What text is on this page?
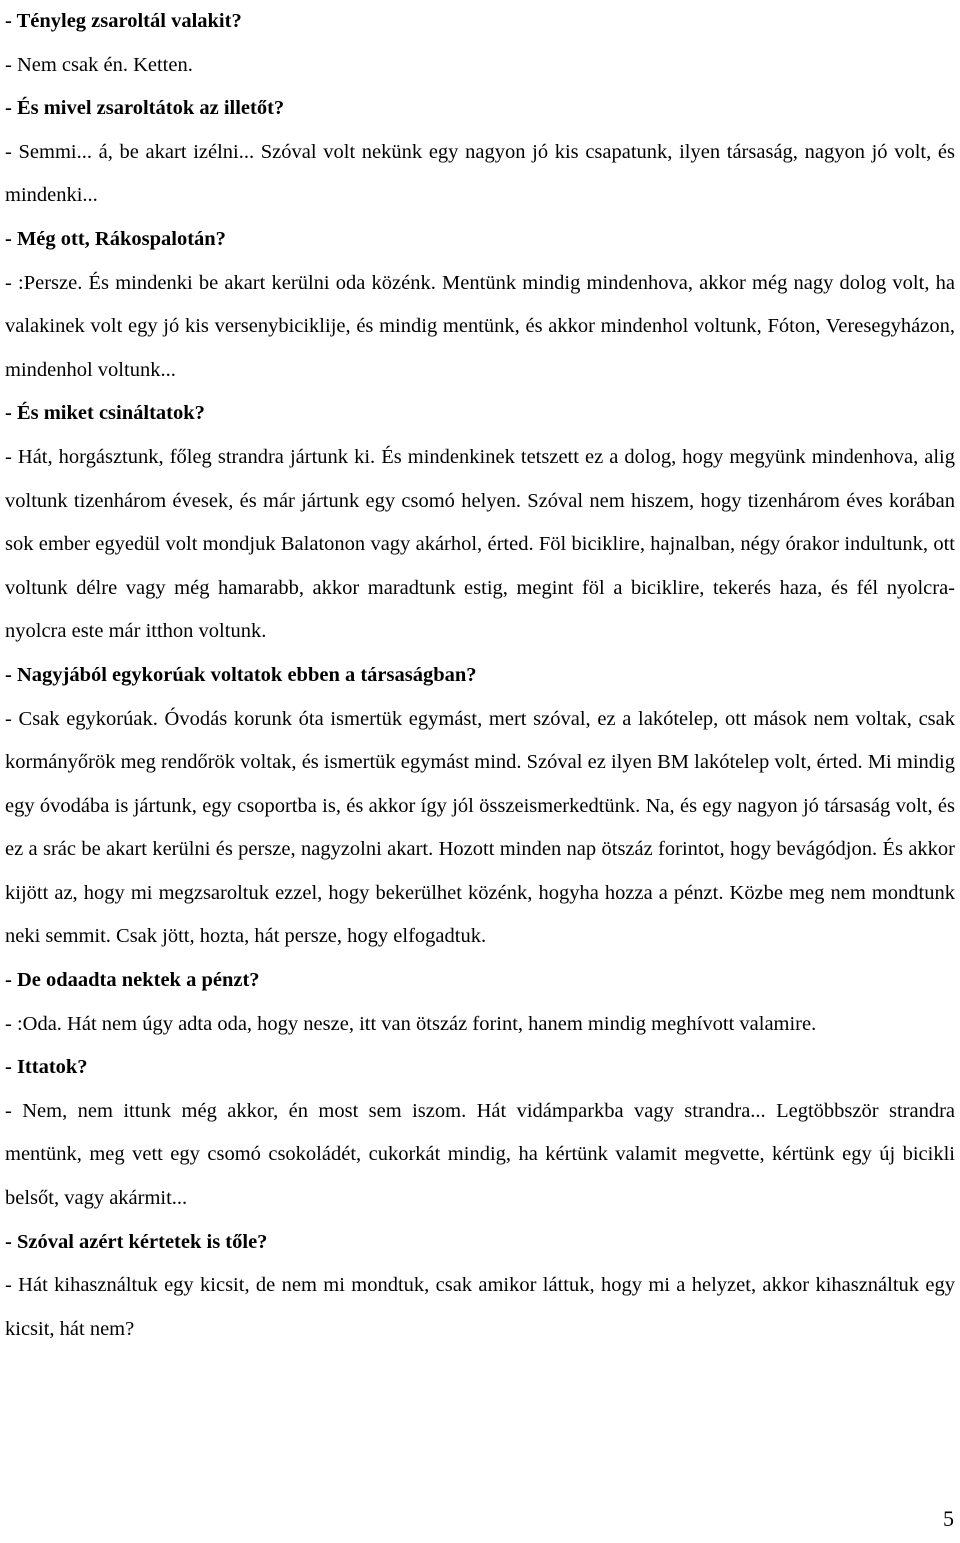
- Tényleg zsaroltál valakit?

- Nem csak én. Ketten.

- És mivel zsaroltátok az illetőt?

- Semmi... á, be akart izélni... Szóval volt nekünk egy nagyon jó kis csapatunk, ilyen társaság, nagyon jó volt, és mindenki...

- Még ott, Rákospalotán?

- :Persze. És mindenki be akart kerülni oda közénk. Mentünk mindig mindenhova, akkor még nagy dolog volt, ha valakinek volt egy jó kis versenybiciklije, és mindig mentünk, és akkor mindenhol voltunk, Fóton, Veresegyházon, mindenhol voltunk...

- És miket csináltatok?

- Hát, horgásztunk, főleg strandra jártunk ki. És mindenkinek tetszett ez a dolog, hogy megyünk mindenhova, alig voltunk tizenhárom évesek, és már jártunk egy csomó helyen. Szóval nem hiszem, hogy tizenhárom éves korában sok ember egyedül volt mondjuk Balatonon vagy akárhol, érted. Föl biciklire, hajnalban, négy órakor indultunk, ott voltunk délre vagy még hamarabb, akkor maradtunk estig, megint föl a biciklire, tekerés haza, és fél nyolcra-nyolcra este már itthon voltunk.

- Nagyjából egykorúak voltatok ebben a társaságban?

- Csak egykorúak. Óvodás korunk óta ismertük egymást, mert szóval, ez a lakótelep, ott mások nem voltak, csak kormányőrök meg rendőrök voltak, és ismertük egymást mind. Szóval ez ilyen BM lakótelep volt, érted. Mi mindig egy óvodába is jártunk, egy csoportba is, és akkor így jól összeismerkedtünk. Na, és egy nagyon jó társaság volt, és ez a srác be akart kerülni és persze, nagyzolni akart. Hozott minden nap ötszáz forintot, hogy bevágódjon. És akkor kijött az, hogy mi megzsaroltuk ezzel, hogy bekerülhet közénk, hogyha hozza a pénzt. Közbe meg nem mondtunk neki semmit. Csak jött, hozta, hát persze, hogy elfogadtuk.

- De odaadta nektek a pénzt?

- :Oda. Hát nem úgy adta oda, hogy nesze, itt van ötszáz forint, hanem mindig meghívott valamire.

- Ittatok?

- Nem, nem ittunk még akkor, én most sem iszom. Hát vidámparkba vagy strandra... Legtöbbször strandra mentünk, meg vett egy csomó csokoládét, cukorkát mindig, ha kértünk valamit megvette, kértünk egy új bicikli belsőt, vagy akármit...

- Szóval azért kértetek is tőle?

- Hát kihasználtuk egy kicsit, de nem mi mondtuk, csak amikor láttuk, hogy mi a helyzet, akkor kihasználtuk egy kicsit, hát nem?

5
